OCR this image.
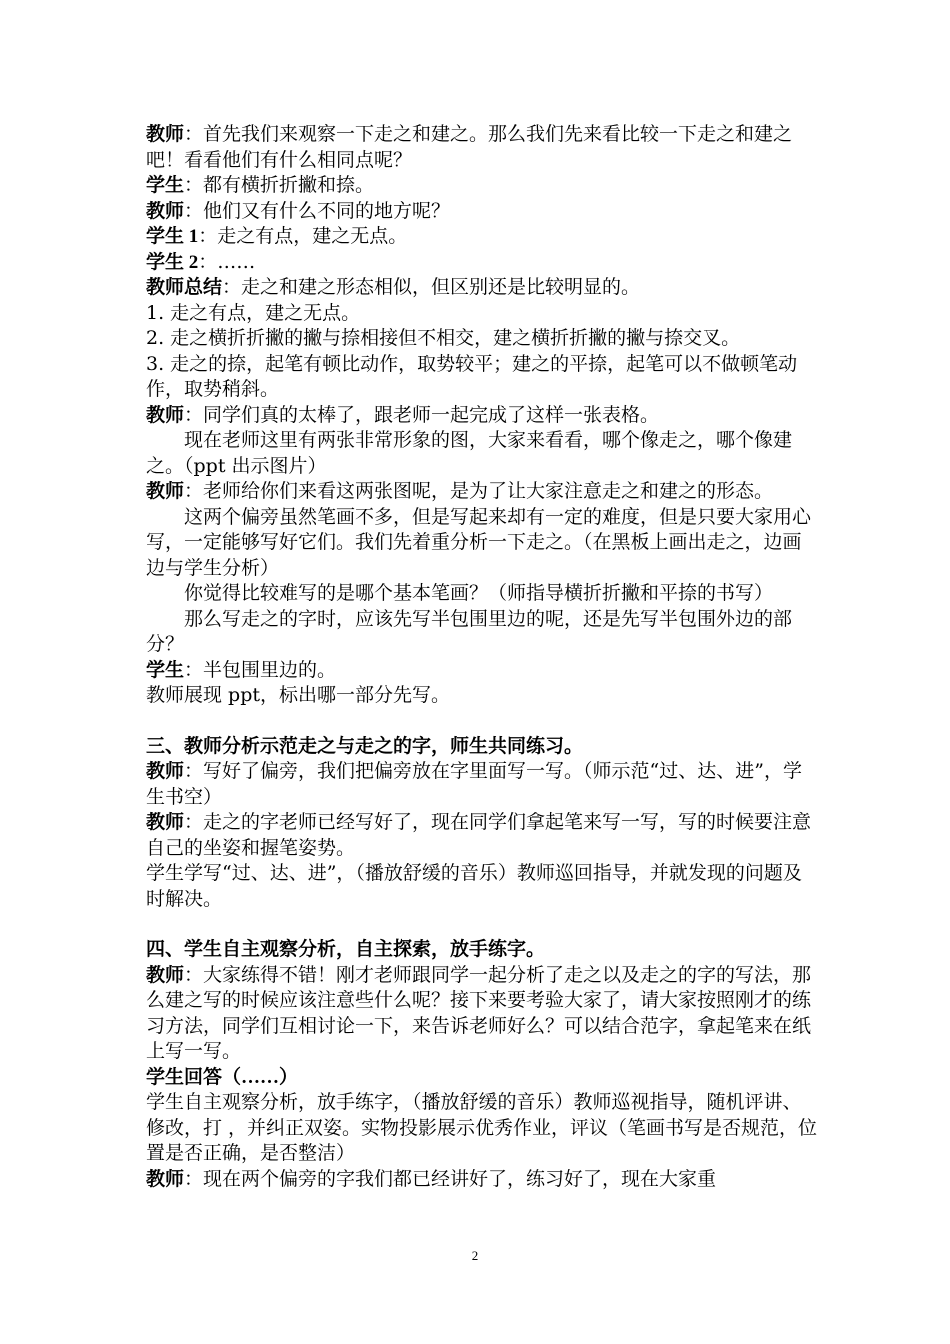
教师：首先我们来观察一下走之和建之。那么我们先来看比较一下走之和建之吧！看看他们有什么相同点呢？

学生：都有横折折撇和捺。

教师：他们又有什么不同的地方呢？

学生 1：走之有点，建之无点。

学生 2：……

教师总结：走之和建之形态相似，但区别还是比较明显的。

1. 走之有点，建之无点。

2. 走之横折折撇的撇与捺相接但不相交，建之横折折撇的撇与捺交叉。

3. 走之的捺，起笔有顿比动作，取势较平；建之的平捺，起笔可以不做顿笔动作，取势稍斜。

教师：同学们真的太棒了，跟老师一起完成了这样一张表格。

现在老师这里有两张非常形象的图，大家来看看，哪个像走之，哪个像建之。（ppt 出示图片）

教师：老师给你们来看这两张图呢，是为了让大家注意走之和建之的形态。

这两个偏旁虽然笔画不多，但是写起来却有一定的难度，但是只要大家用心写，一定能够写好它们。我们先着重分析一下走之。（在黑板上画出走之，边画边与学生分析）

你觉得比较难写的是哪个基本笔画？（师指导横折折撇和平捺的书写）

那么写走之的字时，应该先写半包围里边的呢，还是先写半包围外边的部分？

学生：半包围里边的。

教师展现 ppt，标出哪一部分先写。

三、教师分析示范走之与走之的字，师生共同练习。

教师：写好了偏旁，我们把偏旁放在字里面写一写。（师示范“过、达、进”，学生书空）

教师：走之的字老师已经写好了，现在同学们拿起笔来写一写，写的时候要注意自己的坐姿和握笔姿势。

学生学写“过、达、进”，（播放舒缓的音乐）教师巡回指导，并就发现的问题及时解决。

四、学生自主观察分析，自主探索，放手练字。

教师：大家练得不错！刚才老师跟同学一起分析了走之以及走之的字的写法，那么建之写的时候应该注意些什么呢？接下来要考验大家了，请大家按照刚才的练习方法，同学们互相讨论一下，来告诉老师好么？可以结合范字，拿起笔来在纸上写一写。

学生回答（……）

学生自主观察分析，放手练字，（播放舒缓的音乐）教师巡视指导，随机评讲、修改，打 ，并纠正双姿。实物投影展示优秀作业，评议（笔画书写是否规范，位置是否正确，是否整洁）

教师：现在两个偏旁的字我们都已经讲好了，练习好了，现在大家重

2
